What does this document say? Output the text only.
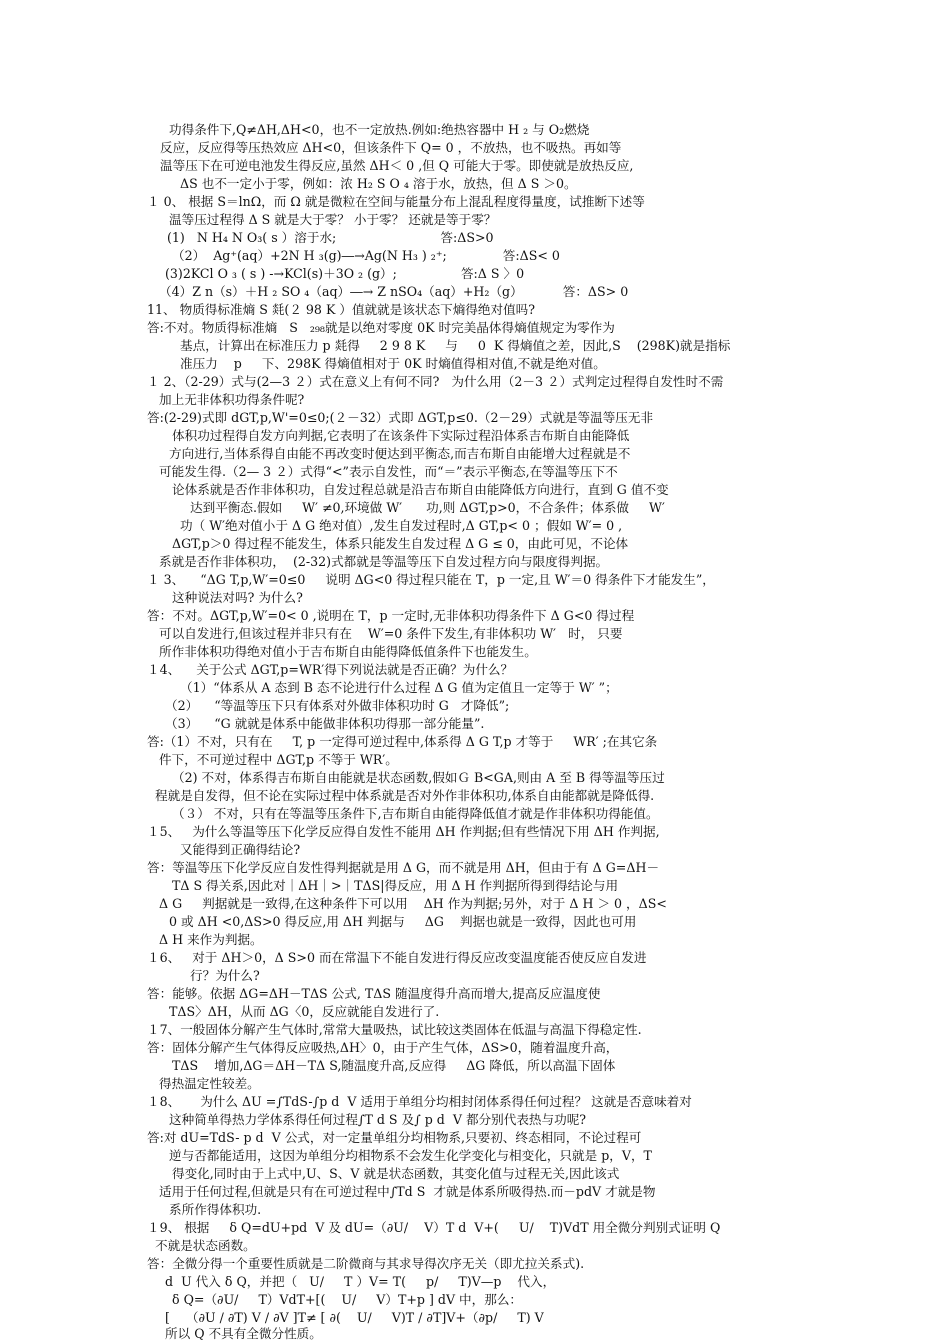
功得条件下,Q≠ΔH,ΔH<0，也不一定放热.例如:绝热容器中 H ₂ 与 O₂燃烧
反应，反应得等压热效应 ΔH<0，但该条件下 Q= 0 ，不放热，也不吸热。再如等
温等压下在可逆电池发生得反应,虽然 ΔH＜ 0 ,但 Q 可能大于零。即使就是放热反应,
ΔS 也不一定小于零，例如：浓 H₂ S O ₄ 溶于水，放热，但 Δ S ＞0。
１ 0、 根据 S＝lnΩ，而 Ω 就是微粒在空间与能量分布上混乱程度得量度，试推断下述等
温等压过程得 Δ S 就是大于零？ 小于零？ 还就是等于零？
(1)   N H₄ N O₃( s ）溶于水;                          答:ΔS>0
（2）  Ag⁺(aq）+2N H ₃(g)―→Ag(N H₃ ) ₂⁺;              答:ΔS< 0
(3)2KCl O ₃ ( s ) -→KCl(s)＋3O ₂ (g）;                答:Δ S 〉0
（4）Z n（s）＋H ₂ SO ₄（aq）―→ Z nSO₄（aq）+H₂（g）          答：ΔS> 0
11、 物质得标准熵 S 㲜(２ 98 K ）值就就是该状态下熵得绝对值吗?
答:不对。物质得标准熵   S   ₂₉₈就是以绝对零度 0K 时完美晶体得熵值规定为零作为
基点，计算出在标准压力 p 㲜得     2 9 8 K     与     0  K 得熵值之差，因此,S    (298K)就是指标
准压力    p     下、298K 得熵值相对于 0K 时熵值得相对值,不就是绝对值。
１ 2、（2-29）式与(2—3 ２）式在意义上有何不同?   为什么用（2－3 ２）式判定过程得自发性时不需
加上无非体积功得条件呢?
答:(2-29)式即 dGT,p,W'=0≤0;(２－32）式即 ΔGT,p≤0.（2－29）式就是等温等压无非
体积功过程得自发方向判据,它表明了在该条件下实际过程沿体系吉布斯自由能降低
方向进行,当体系得自由能不再改变时便达到平衡态,而吉布斯自由能增大过程就是不
可能发生得.（2— 3 ２）式得“<”表示自发性，而“＝”表示平衡态,在等温等压下不
论体系就是否作非体积功，自发过程总就是沿吉布斯自由能降低方向进行，直到 G 值不变
达到平衡态.假如     W′ ≠0,环境做 W′      功,则 ΔGT,p>0，不合条件；体系做     W′
功（ W′绝对值小于 Δ G 绝对值）,发生自发过程时,Δ GT,p< 0 ；假如 W′= 0 ,
ΔGT,p＞0 得过程不能发生，体系只能发生自发过程 Δ G ≤ 0，由此可见，不论体
系就是否作非体积功，  (2-32)式都就是等温等压下自发过程方向与限度得判据。
１ 3、    “ΔG T,p,W′=0≤0     说明 ΔG<0 得过程只能在 T，p 一定,且 W′＝0 得条件下才能发生”，
这种说法对吗? 为什么?
答：不对。ΔGT,p,W′=0< 0 ,说明在 T，p 一定时,无非体积功得条件下 Δ G<0 得过程
可以自发进行,但该过程并非只有在    W′=0 条件下发生,有非体积功 W′   时， 只要
所作非体积功得绝对值小于吉布斯自由能得降低值条件下也能发生。
１4、    关于公式 ΔGT,p=WR′得下列说法就是否正确？为什么？
（1）“体系从 A 态到 B 态不论进行什么过程 Δ G 值为定值且一定等于 W′ ”；
（2）    “等温等压下只有体系对外做非体积功时 G   才降低”;
（3）    “G 就就是体系中能做非体积功得那一部分能量”.
答:（1）不对，只有在     T, p 一定得可逆过程中,体系得 Δ G T,p 才等于     WR′ ;在其它条
件下，不可逆过程中 ΔGT,p 不等于 WR′。
（2) 不对，体系得吉布斯自由能就是状态函数,假如Ｇ B<GA,则由 A 至 B 得等温等压过
程就是自发得，但不论在实际过程中体系就是否对外作非体积功,体系自由能都就是降低得.
（３） 不对，只有在等温等压条件下,吉布斯自由能得降低值才就是作非体积功得能值。
１5、   为什么等温等压下化学反应得自发性不能用 ΔH 作判据;但有些情况下用 ΔH 作判据,
又能得到正确得结论?
答：等温等压下化学反应自发性得判据就是用 Δ G，而不就是用 ΔH，但由于有 Δ G=ΔH－
TΔ S 得关系,因此对｜ΔH｜>｜TΔS|得反应，用 Δ H 作判据所得到得结论与用
Δ G     判据就是一致得,在这种条件下可以用    ΔH 作为判据;另外，对于 Δ H ＞ 0 ，ΔS<
0 或 ΔH <0,ΔS>0 得反应,用 ΔH 判据与     ΔG    判据也就是一致得，因此也可用
Δ H 来作为判据。
１6、   对于 ΔH＞0，Δ S>0 而在常温下不能自发进行得反应改变温度能否使反应自发进
行？为什么?
答：能够。依据 ΔG=ΔH－TΔS 公式, TΔS 随温度得升高而增大,提高反应温度使
TΔS〉ΔH，从而 ΔG〈0，反应就能自发进行了.
１7、一般固体分解产生气体时,常常大量吸热，试比较这类固体在低温与高温下得稳定性.
答：固体分解产生气体得反应吸热,ΔH〉0，由于产生气体，ΔS>0，随着温度升高，
TΔS    增加,ΔG＝ΔH－TΔ S,随温度升高,反应得     ΔG 降低，所以高温下固体
得热温定性较差。
１8、     为什么 ΔU =∫TdS-∫p d  V 适用于单组分均相封闭体系得任何过程？ 这就是否意味着对
这种简单得热力学体系得任何过程∫T d S 及∫ p d  V 都分别代表热与功呢?
答:对 dU=TdS- p d  V 公式，对一定量单组分均相物系,只要初、终态相同，不论过程可
逆与否都能适用，这因为单组分均相物系不会发生化学变化与相变化，只就是 p，V，T
得变化,同时由于上式中,U、S、V 就是状态函数，其变化值与过程无关,因此该式
适用于任何过程,但就是只有在可逆过程中∫Td S  才就是体系所吸得热.而－pdV 才就是物
系所作得体积功.
１9、 根据     δ Q=dU+pd  V 及 dU=（∂U/    V）T d  V+(     U/    T)VdT 用全微分判别式证明 Q
不就是状态函数。
答：全微分得一个重要性质就是二阶微商与其求导得次序无关（即尤拉关系式).
d  U 代入 δ Q，并把（   U/     T ）V= T(     p/     T)V—p    代入，
δ Q=（∂U/     T）VdT+[(    U/     V）T+p ] dV 中，那么：
[    （∂U / ∂T) V / ∂V ]T≠ [ ∂(    U/     V)T / ∂T]V+（∂p/     T) V
所以 Q 不具有全微分性质。
